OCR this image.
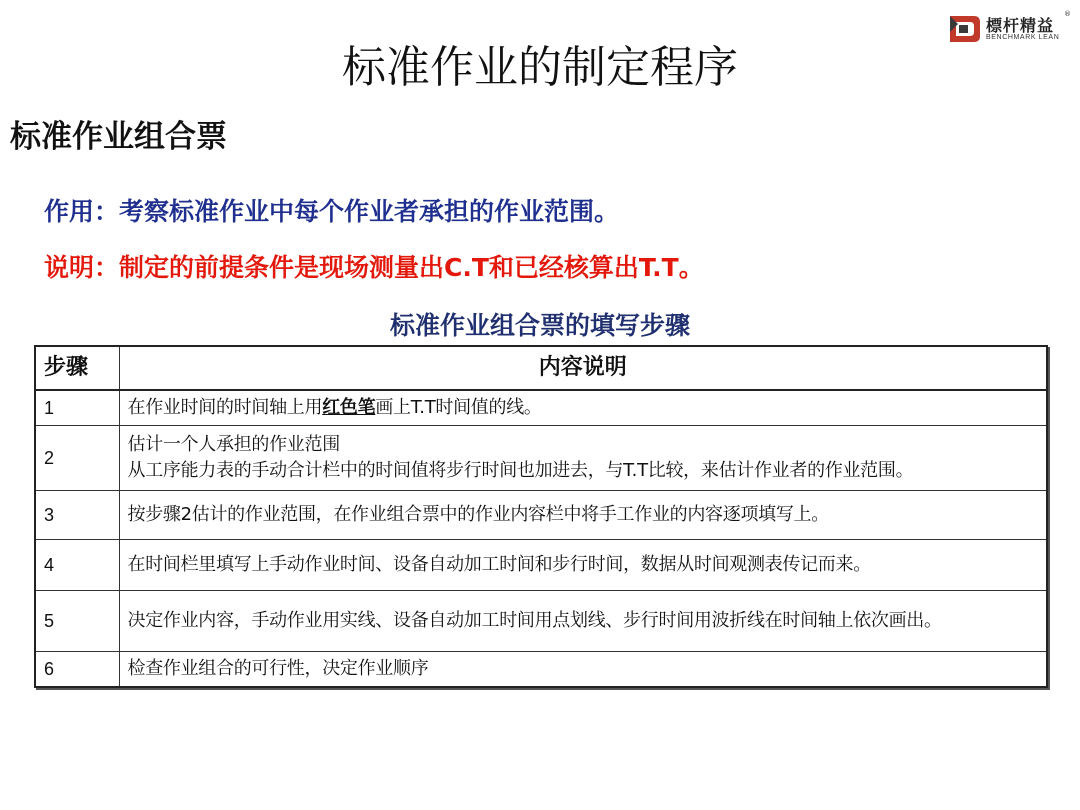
標杆精益
®
BENCHMARK LEAN
标准作业的制定程序
标准作业组合票
作用：考察标准作业中每个作业者承担的作业范围。
说明：制定的前提条件是现场测量出C.T和已经核算出T.T。
标准作业组合票的填写步骤
步骤	内容说明
1	在作业时间的时间轴上用红色笔画上T.T时间值的线。
2	估计一个人承担的作业范围
从工序能力表的手动合计栏中的时间值将步行时间也加进去，与T.T比较，来估计作业者的作业范围。

3	按步骤2估计的作业范围，在作业组合票中的作业内容栏中将手工作业的内容逐项填写上。
4	在时间栏里填写上手动作业时间、设备自动加工时间和步行时间，数据从时间观测表传记而来。
5	决定作业内容，手动作业用实线、设备自动加工时间用点划线、步行时间用波折线在时间轴上依次画出。
6	检查作业组合的可行性，决定作业顺序
